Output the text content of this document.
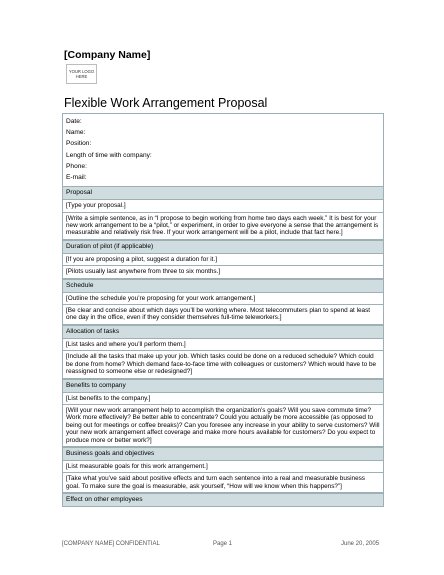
[Company Name]
YOUR LOGO
HERE
Flexible Work Arrangement Proposal
Date:
Name:
Position:
Length of time with company:
Phone:
E-mail:
Proposal
[Type your proposal.]
[Write a simple sentence, as in “I propose to begin working from home two days each week.” It is best for your new work arrangement to be a “pilot,” or experiment, in order to give everyone a sense that the arrangement is measurable and relatively risk free. If your work arrangement will be a pilot, include that fact here.]
Duration of pilot (if applicable)
[If you are proposing a pilot, suggest a duration for it.]
[Pilots usually last anywhere from three to six months.]
Schedule
[Outline the schedule you’re proposing for your work arrangement.]
[Be clear and concise about which days you’ll be working where. Most telecommuters plan to spend at least one day in the office, even if they consider themselves full-time teleworkers.]
Allocation of tasks
[List tasks and where you’ll perform them.]
[Include all the tasks that make up your job. Which tasks could be done on a reduced schedule? Which could be done from home? Which demand face-to-face time with colleagues or customers? Which would have to be reassigned to someone else or redesigned?]
Benefits to company
[List benefits to the company.]
[Will your new work arrangement help to accomplish the organization’s goals? Will you save commute time? Work more effectively? Be better able to concentrate? Could you actually be more accessible (as opposed to being out for meetings or coffee breaks)? Can you foresee any increase in your ability to serve customers? Will your new work arrangement affect coverage and make more hours available for customers? Do you expect to produce more or better work?]
Business goals and objectives
[List measurable goals for this work arrangement.]
[Take what you’ve said about positive effects and turn each sentence into a real and measurable business goal. To make sure the goal is measurable, ask yourself, “How will we know when this happens?”]
Effect on other employees
[COMPANY NAME] CONFIDENTIAL	Page 1	June 20, 2005
